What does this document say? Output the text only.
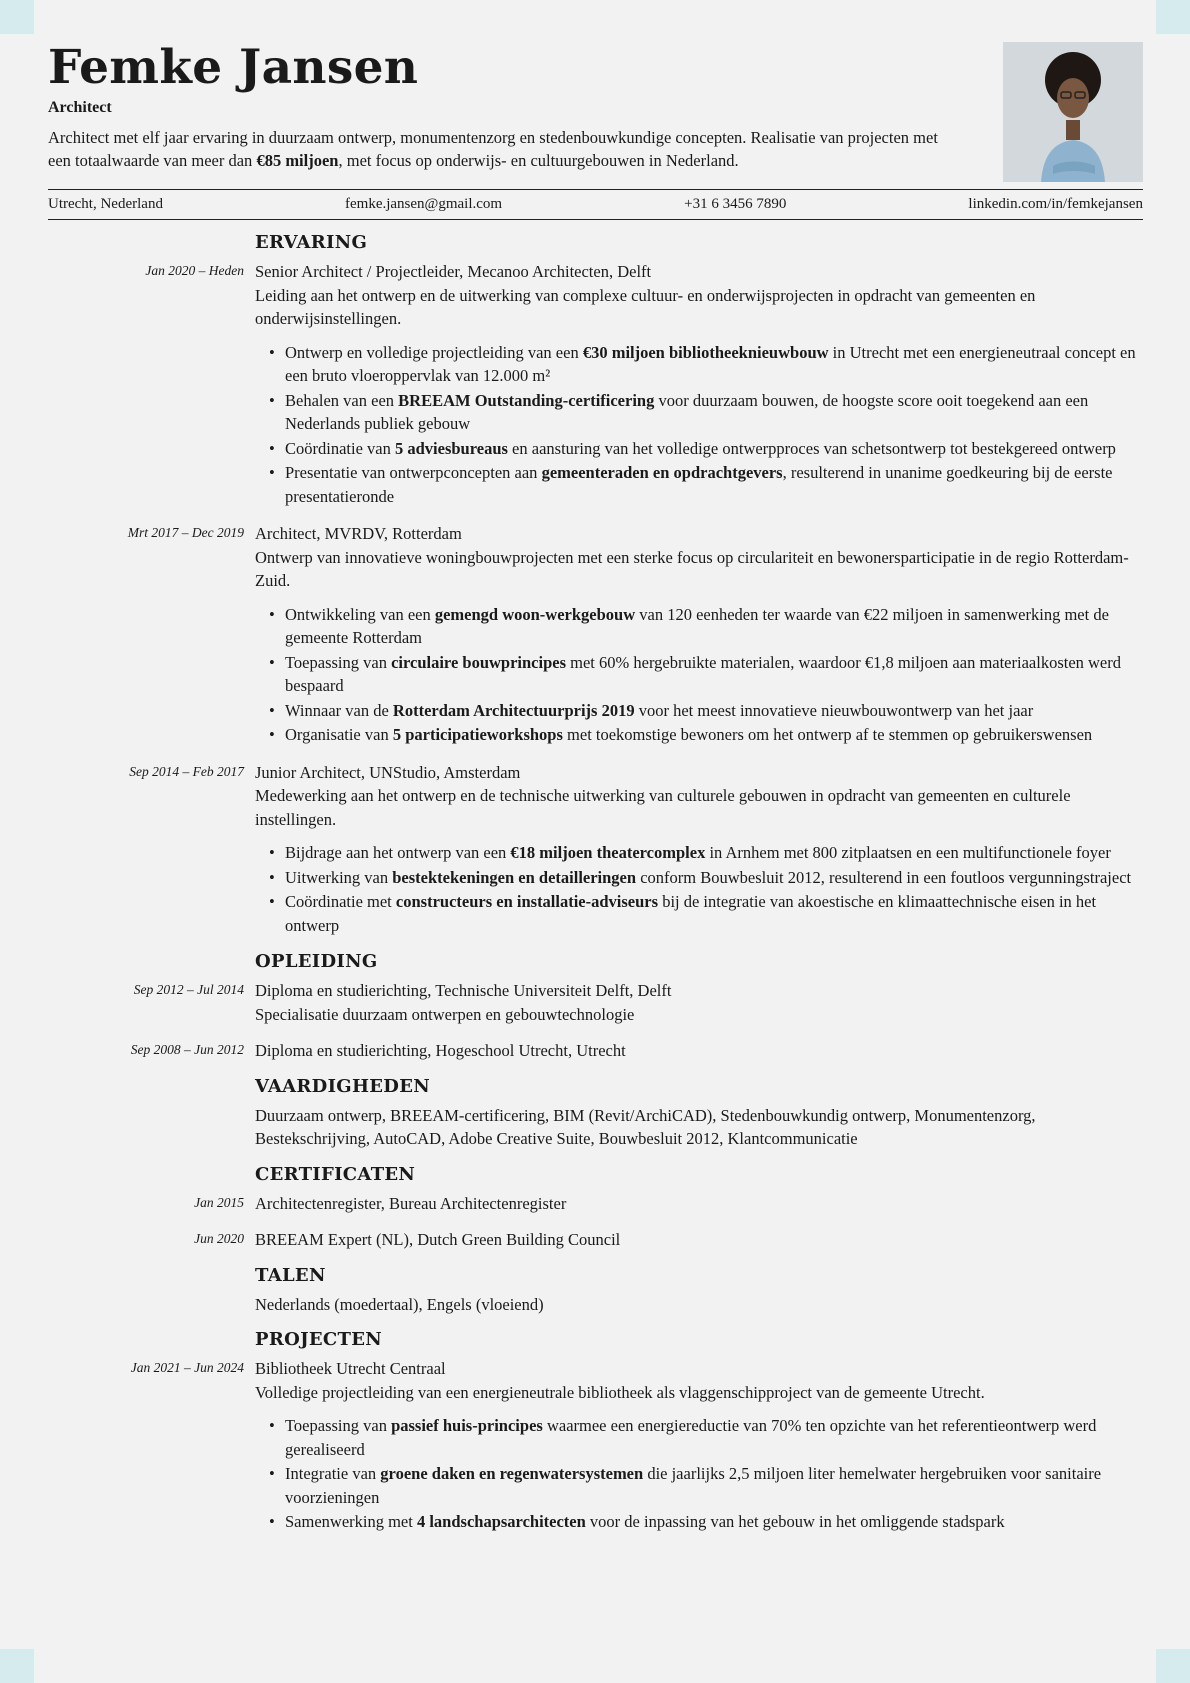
Femke Jansen
Architect
Architect met elf jaar ervaring in duurzaam ontwerp, monumentenzorg en stedenbouwkundige concepten. Realisatie van projecten met een totaalwaarde van meer dan €85 miljoen, met focus op onderwijs- en cultuurgebouwen in Nederland.
Utrecht, Nederland	femke.jansen@gmail.com	+31 6 3456 7890	linkedin.com/in/femkejansen
ERVARING
Jan 2020 – Heden Senior Architect / Projectleider, Mecanoo Architecten, Delft
Leiding aan het ontwerp en de uitwerking van complexe cultuur- en onderwijsprojecten in opdracht van gemeenten en onderwijsinstellingen.
• Ontwerp en volledige projectleiding van een €30 miljoen bibliotheeknieuwbouw in Utrecht met een energieneutraal concept en een bruto vloeroppervlak van 12.000 m²
• Behalen van een BREEAM Outstanding-certificering voor duurzaam bouwen, de hoogste score ooit toegekend aan een Nederlands publiek gebouw
• Coördinatie van 5 adviesbureaus en aansturing van het volledige ontwerpproces van schetsontwerp tot bestekgereed ontwerp
• Presentatie van ontwerpconcepten aan gemeenteraden en opdrachtgevers, resulterend in unanime goedkeuring bij de eerste presentatieronde
Mrt 2017 – Dec 2019 Architect, MVRDV, Rotterdam
Ontwerp van innovatieve woningbouwprojecten met een sterke focus op circulariteit en bewonersparticipatie in de regio Rotterdam-Zuid.
• Ontwikkeling van een gemengd woon-werkgebouw van 120 eenheden ter waarde van €22 miljoen in samenwerking met de gemeente Rotterdam
• Toepassing van circulaire bouwprincipes met 60% hergebruikte materialen, waardoor €1,8 miljoen aan materiaalkosten werd bespaard
• Winnaar van de Rotterdam Architectuurprijs 2019 voor het meest innovatieve nieuwbouwontwerp van het jaar
• Organisatie van 5 participatieworkshops met toekomstige bewoners om het ontwerp af te stemmen op gebruikerswensen
Sep 2014 – Feb 2017 Junior Architect, UNStudio, Amsterdam
Medewerking aan het ontwerp en de technische uitwerking van culturele gebouwen in opdracht van gemeenten en culturele instellingen.
• Bijdrage aan het ontwerp van een €18 miljoen theatercomplex in Arnhem met 800 zitplaatsen en een multifunctionele foyer
• Uitwerking van bestektekeningen en detailleringen conform Bouwbesluit 2012, resulterend in een foutloos vergunningstraject
• Coördinatie met constructeurs en installatie-adviseurs bij de integratie van akoestische en klimaattechnische eisen in het ontwerp
OPLEIDING
Sep 2012 – Jul 2014 Diploma en studierichting, Technische Universiteit Delft, Delft
Specialisatie duurzaam ontwerpen en gebouwtechnologie
Sep 2008 – Jun 2012 Diploma en studierichting, Hogeschool Utrecht, Utrecht
VAARDIGHEDEN
Duurzaam ontwerp, BREEAM-certificering, BIM (Revit/ArchiCAD), Stedenbouwkundig ontwerp, Monumentenzorg, Bestekschrijving, AutoCAD, Adobe Creative Suite, Bouwbesluit 2012, Klantcommunicatie
CERTIFICATEN
Jan 2015 Architectenregister, Bureau Architectenregister
Jun 2020 BREEAM Expert (NL), Dutch Green Building Council
TALEN
Nederlands (moedertaal), Engels (vloeiend)
PROJECTEN
Jan 2021 – Jun 2024 Bibliotheek Utrecht Centraal
Volledige projectleiding van een energieneutrale bibliotheek als vlaggenschipproject van de gemeente Utrecht.
• Toepassing van passief huis-principes waarmee een energiereductie van 70% ten opzichte van het referentieontwerp werd gerealiseerd
• Integratie van groene daken en regenwatersystemen die jaarlijks 2,5 miljoen liter hemelwater hergebruiken voor sanitaire voorzieningen
• Samenwerking met 4 landschapsarchitecten voor de inpassing van het gebouw in het omliggende stadspark
